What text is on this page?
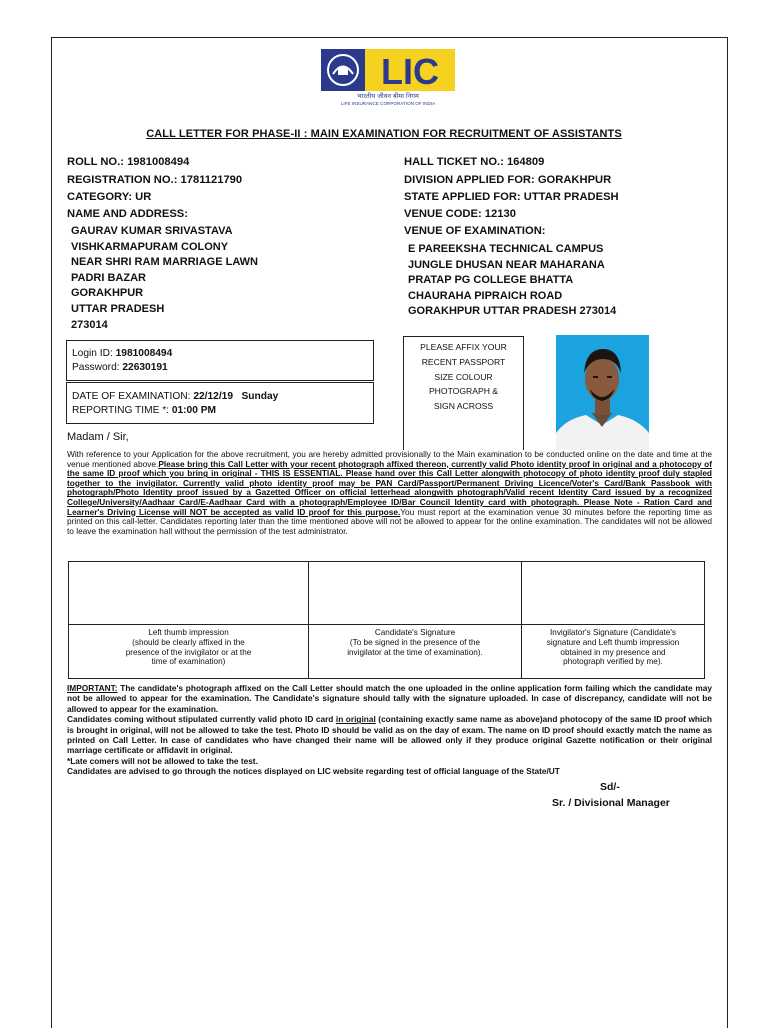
LIC
भारतीय जीवन बीमा निगम
LIFE INSURANCE CORPORATION OF INDIA
CALL LETTER FOR PHASE-II : MAIN EXAMINATION FOR RECRUITMENT OF ASSISTANTS
ROLL NO.: 1981008494
REGISTRATION NO.: 1781121790
CATEGORY: UR
NAME AND ADDRESS:
GAURAV KUMAR SRIVASTAVA
VISHKARMAPURAM COLONY
NEAR SHRI RAM MARRIAGE LAWN
PADRI BAZAR
GORAKHPUR
UTTAR PRADESH
273014
HALL TICKET NO.: 164809
DIVISION APPLIED FOR: GORAKHPUR
STATE APPLIED FOR: UTTAR PRADESH
VENUE CODE: 12130
VENUE OF EXAMINATION:
E PAREEKSHA TECHNICAL CAMPUS
JUNGLE DHUSAN NEAR MAHARANA
PRATAP PG COLLEGE BHATTA
CHAURAHA PIPRAICH ROAD
GORAKHPUR UTTAR PRADESH 273014
Login ID: 1981008494
Password: 22630191
DATE OF EXAMINATION: 22/12/19   Sunday
REPORTING TIME *: 01:00 PM
PLEASE AFFIX YOUR
RECENT PASSPORT
SIZE COLOUR
PHOTOGRAPH &
SIGN ACROSS
Madam / Sir,
With reference to your Application for the above recruitment, you are hereby admitted provisionally to the Main examination to be conducted online on the date and time at the venue mentioned above.Please bring this Call Letter with your recent photograph affixed thereon, currently valid Photo identity proof in original and a photocopy of the same ID proof which you bring in original - THIS IS ESSENTIAL. Please hand over this Call Letter alongwith photocopy of photo identity proof duly stapled together to the invigilator. Currently valid photo identity proof may be PAN Card/Passport/Permanent Driving Licence/Voter's Card/Bank Passbook with photograph/Photo Identity proof issued by a Gazetted Officer on official letterhead alongwith photograph/Valid recent Identity Card issued by a recognized College/University/Aadhaar Card/E-Aadhaar Card with a photograph/Employee ID/Bar Council Identity card with photograph. Please Note - Ration Card and Learner's Driving License will NOT be accepted as valid ID proof for this purpose.You must report at the examination venue 30 minutes before the reporting time as printed on this call-letter. Candidates reporting later than the time mentioned above will not be allowed to appear for the online examination. The candidates will not be allowed to leave the examination hall without the permission of the test administrator.
Left thumb impression
(should be clearly affixed in the
presence of the invigilator or at the
time of examination)
Candidate's Signature
(To be signed in the presence of the
invigilator at the time of examination).
Invigilator's Signature (Candidate's
signature and Left thumb impression
obtained in my presence and
photograph verified by me).
IMPORTANT: The candidate's photograph affixed on the Call Letter should match the one uploaded in the online application form failing which the candidate may not be allowed to appear for the examination. The Candidate's signature should tally with the signature uploaded. In case of discrepancy, candidate will not be allowed to appear for the examination.
Candidates coming without stipulated currently valid photo ID card in original (containing exactly same name as above)and photocopy of the same ID proof which is brought in original, will not be allowed to take the test. Photo ID should be valid as on the day of exam. The name on ID proof should exactly match the name as printed on Call Letter. In case of candidates who have changed their name will be allowed only if they produce original Gazette notification or their original marriage certificate or affidavit in original.
*Late comers will not be allowed to take the test.
Candidates are advised to go through the notices displayed on LIC website regarding test of official language of the State/UT
Sd/-
Sr. / Divisional Manager
